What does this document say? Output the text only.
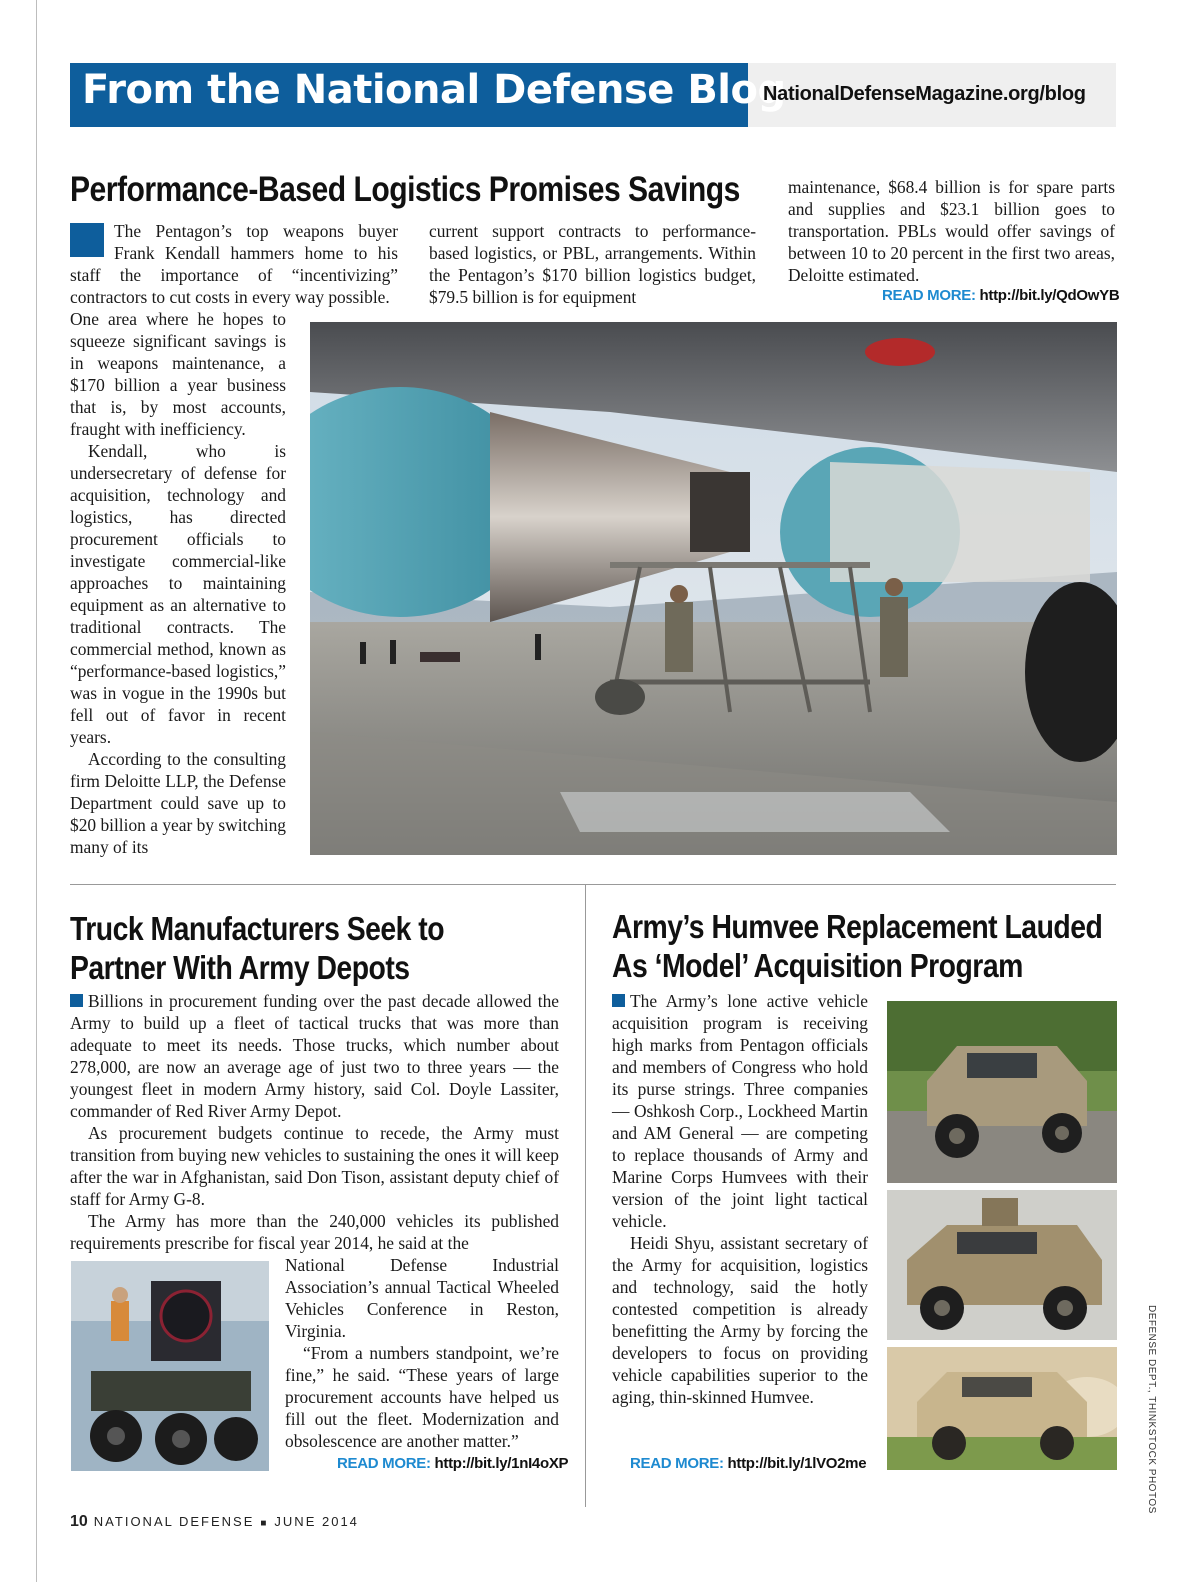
From the National Defense Blog
NationalDefenseMagazine.org/blog
Performance-Based Logistics Promises Savings
The Pentagon’s top weapons buyer Frank Kendall hammers home to his staff the importance of “incentivizing” contractors to cut costs in every way possible.

One area where he hopes to squeeze significant savings is in weapons maintenance, a $170 billion a year business that is, by most accounts, fraught with inefficiency.

Kendall, who is undersecretary of defense for acquisition, technology and logistics, has directed procurement officials to investigate commercial-like approaches to maintaining equipment as an alternative to traditional contracts. The commercial method, known as “performance-based logistics,” was in vogue in the 1990s but fell out of favor in recent years.

According to the consulting firm Deloitte LLP, the Defense Department could save up to $20 billion a year by switching many of its

current support contracts to performance-based logistics, or PBL, arrangements. Within the Pentagon’s $170 billion logistics budget, $79.5 billion is for equipment

maintenance, $68.4 billion is for spare parts and supplies and $23.1 billion goes to transportation. PBLs would offer savings of between 10 to 20 percent in the first two areas, Deloitte estimated.

READ MORE: http://bit.ly/QdOwYB
Truck Manufacturers Seek to
Partner With Army Depots

Billions in procurement funding over the past decade allowed the Army to build up a fleet of tactical trucks that was more than adequate to meet its needs. Those trucks, which number about 278,000, are now an average age of just two to three years — the youngest fleet in modern Army history, said Col. Doyle Lassiter, commander of Red River Army Depot.

As procurement budgets continue to recede, the Army must transition from buying new vehicles to sustaining the ones it will keep after the war in Afghanistan, said Don Tison, assistant deputy chief of staff for Army G-8.

The Army has more than the 240,000 vehicles its published requirements prescribe for fiscal year 2014, he said at the

National Defense Industrial Association’s annual Tactical Wheeled Vehicles Conference in Reston, Virginia.

“From a numbers standpoint, we’re fine,” he said. “These years of large procurement accounts have helped us fill out the fleet. Modernization and obsolescence are another matter.”

READ MORE: http://bit.ly/1nI4oXP
Army’s Humvee Replacement Lauded
As ‘Model’ Acquisition Program

The Army’s lone active vehicle acquisition program is receiving high marks from Pentagon officials and members of Congress who hold its purse strings. Three companies — Oshkosh Corp., Lockheed Martin and AM General — are competing to replace thousands of Army and Marine Corps Humvees with their version of the joint light tactical vehicle.

Heidi Shyu, assistant secretary of the Army for acquisition, logistics and technology, said the hotly contested competition is already benefitting the Army by forcing the developers to focus on providing vehicle capabilities superior to the aging, thin-skinned Humvee.

READ MORE: http://bit.ly/1lVO2me	DEFENSE DEPT., THINKSTOCK PHOTOS
10 NATIONAL DEFENSE ■ JUNE 2014
